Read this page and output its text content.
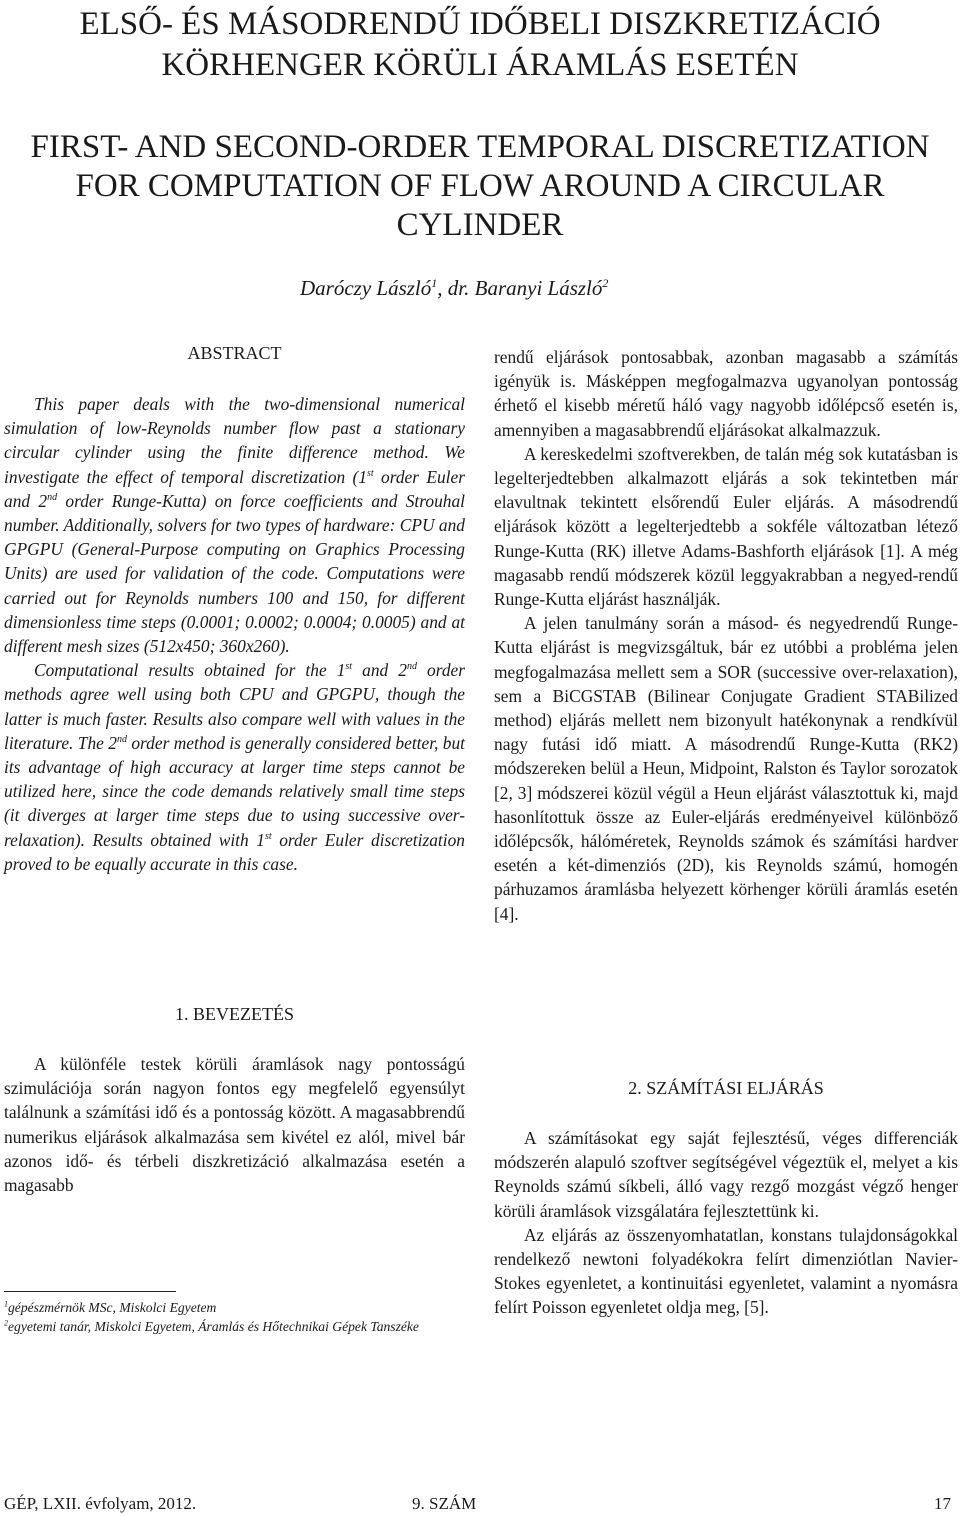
ELSŐ- ÉS MÁSODRENDŰ IDŐBELI DISZKRETIZÁCIÓ
KÖRHENGER KÖRÜLI ÁRAMLÁS ESETÉN
FIRST- AND SECOND-ORDER TEMPORAL DISCRETIZATION
FOR COMPUTATION OF FLOW AROUND A CIRCULAR
CYLINDER
Daróczy László$^1$, dr. Baranyi László$^2$
ABSTRACT

This paper deals with the two-dimensional numerical simulation of low-Reynolds number flow past a stationary circular cylinder using the finite difference method. We investigate the effect of temporal discretization (1st order Euler and 2nd order Runge-Kutta) on force coefficients and Strouhal number. Additionally, solvers for two types of hardware: CPU and GPGPU (General-Purpose computing on Graphics Processing Units) are used for validation of the code. Computations were carried out for Reynolds numbers 100 and 150, for different dimensionless time steps (0.0001; 0.0002; 0.0004; 0.0005) and at different mesh sizes (512x450; 360x260).

Computational results obtained for the 1st and 2nd order methods agree well using both CPU and GPGPU, though the latter is much faster. Results also compare well with values in the literature. The 2nd order method is generally considered better, but its advantage of high accuracy at larger time steps cannot be utilized here, since the code demands relatively small time steps (it diverges at larger time steps due to using successive over-relaxation). Results obtained with 1st order Euler discretization proved to be equally accurate in this case.

1. BEVEZETÉS

A különféle testek körüli áramlások nagy pontosságú szimulációja során nagyon fontos egy megfelelő egyensúlyt találnunk a számítási idő és a pontosság között. A magasabbrendű numerikus eljárások alkalmazása sem kivétel ez alól, mivel bár azonos idő- és térbeli diszkretizáció alkalmazása esetén a magasabb

$^1$gépészmérnök MSc, Miskolci Egyetem

$^2$egyetemi tanár, Miskolci Egyetem, Áramlás és Hőtechnikai Gépek Tanszéke

rendű eljárások pontosabbak, azonban magasabb a számítás igényük is. Másképpen megfogalmazva ugyanolyan pontosság érhető el kisebb méretű háló vagy nagyobb időlépcső esetén is, amennyiben a magasabbrendű eljárásokat alkalmazzuk.

A kereskedelmi szoftverekben, de talán még sok kutatásban is legelterjedtebben alkalmazott eljárás a sok tekintetben már elavultnak tekintett elsőrendű Euler eljárás. A másodrendű eljárások között a legelterjedtebb a sokféle változatban létező Runge-Kutta (RK) illetve Adams-Bashforth eljárások [1]. A még magasabb rendű módszerek közül leggyakrabban a negyed-rendű Runge-Kutta eljárást használják.

A jelen tanulmány során a másod- és negyedrendű Runge-Kutta eljárást is megvizsgáltuk, bár ez utóbbi a probléma jelen megfogalmazása mellett sem a SOR (successive over-relaxation), sem a BiCGSTAB (Bilinear Conjugate Gradient STABilized method) eljárás mellett nem bizonyult hatékonynak a rendkívül nagy futási idő miatt. A másodrendű Runge-Kutta (RK2) módszereken belül a Heun, Midpoint, Ralston és Taylor sorozatok [2, 3] módszerei közül végül a Heun eljárást választottuk ki, majd hasonlítottuk össze az Euler-eljárás eredményeivel különböző időlépcsők, hálóméretek, Reynolds számok és számítási hardver esetén a két-dimenziós (2D), kis Reynolds számú, homogén párhuzamos áramlásba helyezett körhenger körüli áramlás esetén [4].

2. SZÁMÍTÁSI ELJÁRÁS

A számításokat egy saját fejlesztésű, véges differenciák módszerén alapuló szoftver segítségével végeztük el, melyet a kis Reynolds számú síkbeli, álló vagy rezgő mozgást végző henger körüli áramlások vizsgálatára fejlesztettünk ki.

Az eljárás az összenyomhatatlan, konstans tulajdonságokkal rendelkező newtoni folyadékokra felírt dimenziótlan Navier-Stokes egyenletet, a kontinuitási egyenletet, valamint a nyomásra felírt Poisson egyenletet oldja meg, [5].

GÉP, LXII. évfolyam, 2012.	9. SZÁM	17
